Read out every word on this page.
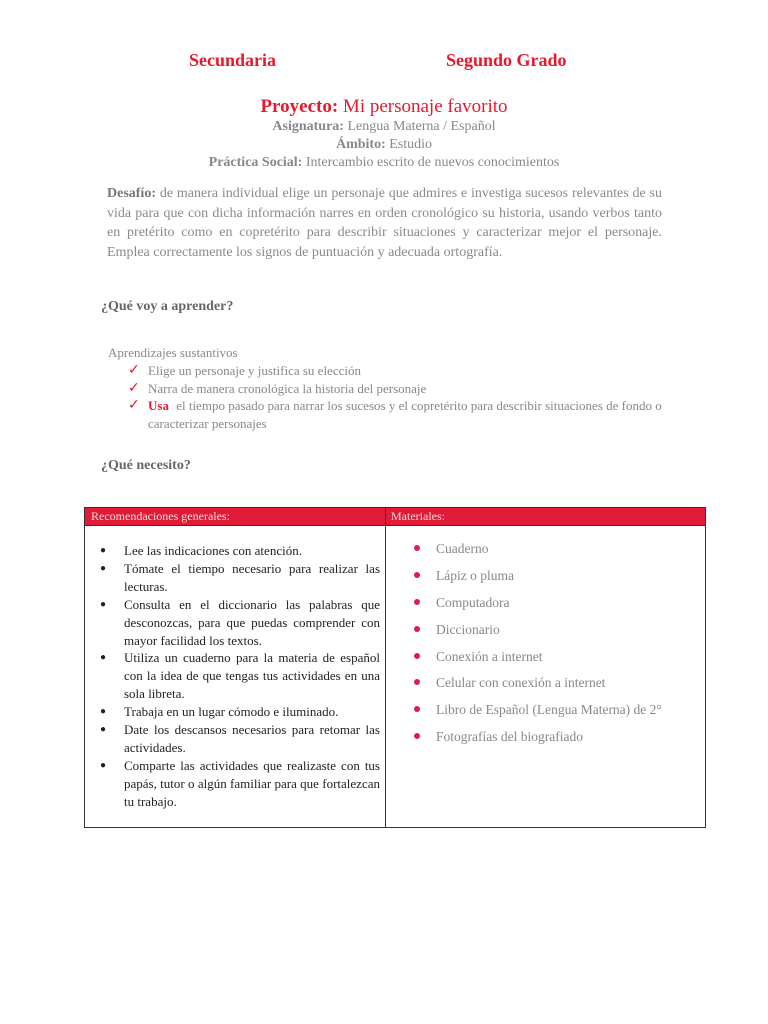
Secundaria	Segundo Grado
Proyecto: Mi personaje favorito
Asignatura: Lengua Materna / Español
Ámbito: Estudio
Práctica Social: Intercambio escrito de nuevos conocimientos
Desafío: de manera individual elige un personaje que admires e investiga sucesos relevantes de su vida para que con dicha información narres en orden cronológico su historia, usando verbos tanto en pretérito como en copretérito para describir situaciones y caracterizar mejor el personaje. Emplea correctamente los signos de puntuación y adecuada ortografía.
¿Qué voy a aprender?
Aprendizajes sustantivos
✓ Elige un personaje y justifica su elección
✓ Narra de manera cronológica la historia del personaje
✓ Usa el tiempo pasado para narrar los sucesos y el copretérito para describir situaciones de fondo o caracterizar personajes
¿Qué necesito?
Recomendaciones generales:	Materiales:
● Lee las indicaciones con atención.
● Tómate el tiempo necesario para realizar las lecturas.
● Consulta en el diccionario las palabras que desconozcas, para que puedas comprender con mayor facilidad los textos.
● Utiliza un cuaderno para la materia de español con la idea de que tengas tus actividades en una sola libreta.
● Trabaja en un lugar cómodo e iluminado.
● Date los descansos necesarios para retomar las actividades.
● Comparte las actividades que realizaste con tus papás, tutor o algún familiar para que fortalezcan tu trabajo.
Cuaderno
Lápiz o pluma
Computadora
Diccionario
Conexión a internet
Celular con conexión a internet
Libro de Español (Lengua Materna) de 2°
Fotografías del biografiado
